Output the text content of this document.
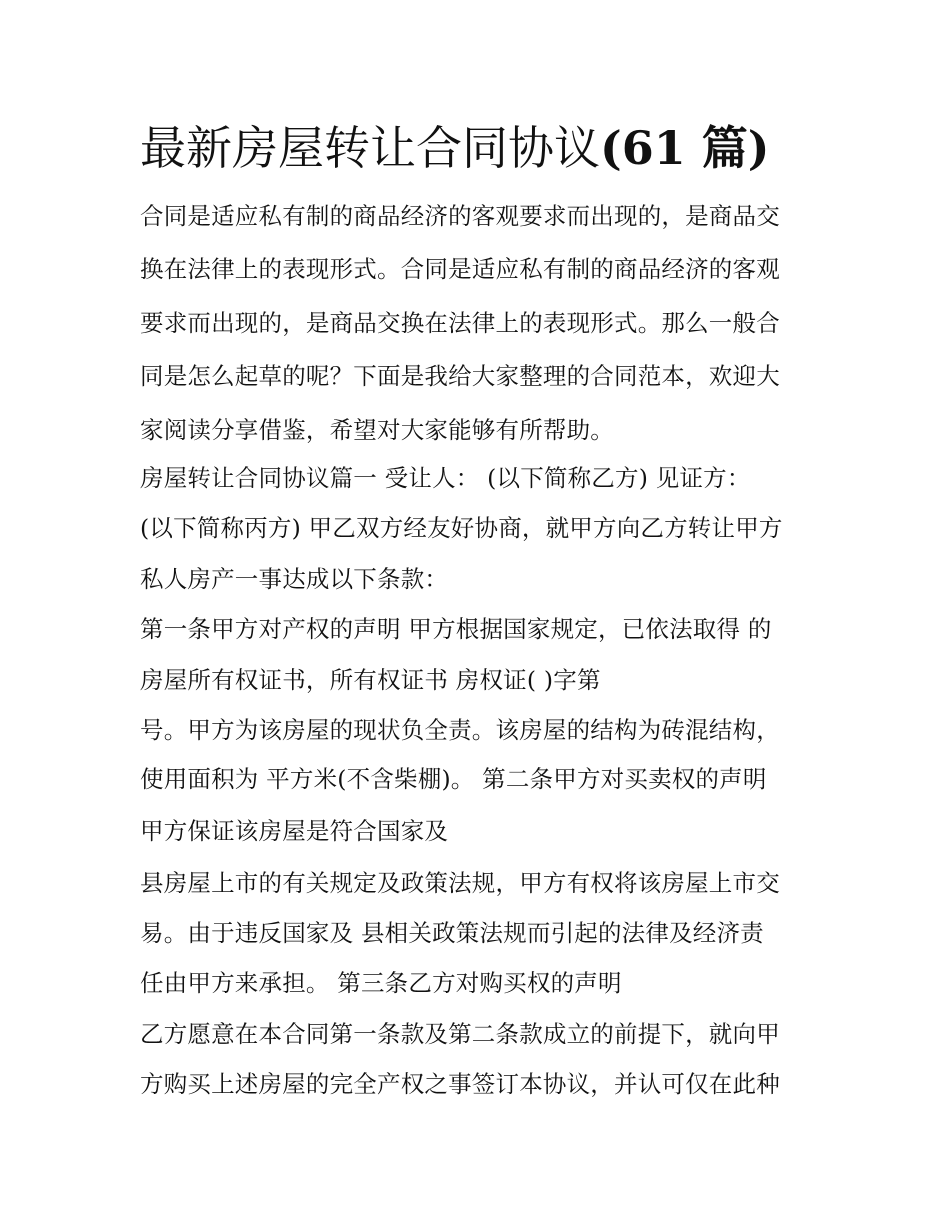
最新房屋转让合同协议(61 篇)

合同是适应私有制的商品经济的客观要求而出现的，是商品交

换在法律上的表现形式。合同是适应私有制的商品经济的客观

要求而出现的，是商品交换在法律上的表现形式。那么一般合

同是怎么起草的呢？下面是我给大家整理的合同范本，欢迎大

家阅读分享借鉴，希望对大家能够有所帮助。

房屋转让合同协议篇一 受让人： (以下简称乙方) 见证方：

(以下简称丙方) 甲乙双方经友好协商，就甲方向乙方转让甲方

私人房产一事达成以下条款：

第一条甲方对产权的声明 甲方根据国家规定，已依法取得 的

房屋所有权证书，所有权证书 房权证( )字第

号。甲方为该房屋的现状负全责。该房屋的结构为砖混结构，

使用面积为 平方米(不含柴棚)。 第二条甲方对买卖权的声明

甲方保证该房屋是符合国家及

县房屋上市的有关规定及政策法规，甲方有权将该房屋上市交

易。由于违反国家及 县相关政策法规而引起的法律及经济责

任由甲方来承担。 第三条乙方对购买权的声明

乙方愿意在本合同第一条款及第二条款成立的前提下，就向甲

方购买上述房屋的完全产权之事签订本协议，并认可仅在此种
